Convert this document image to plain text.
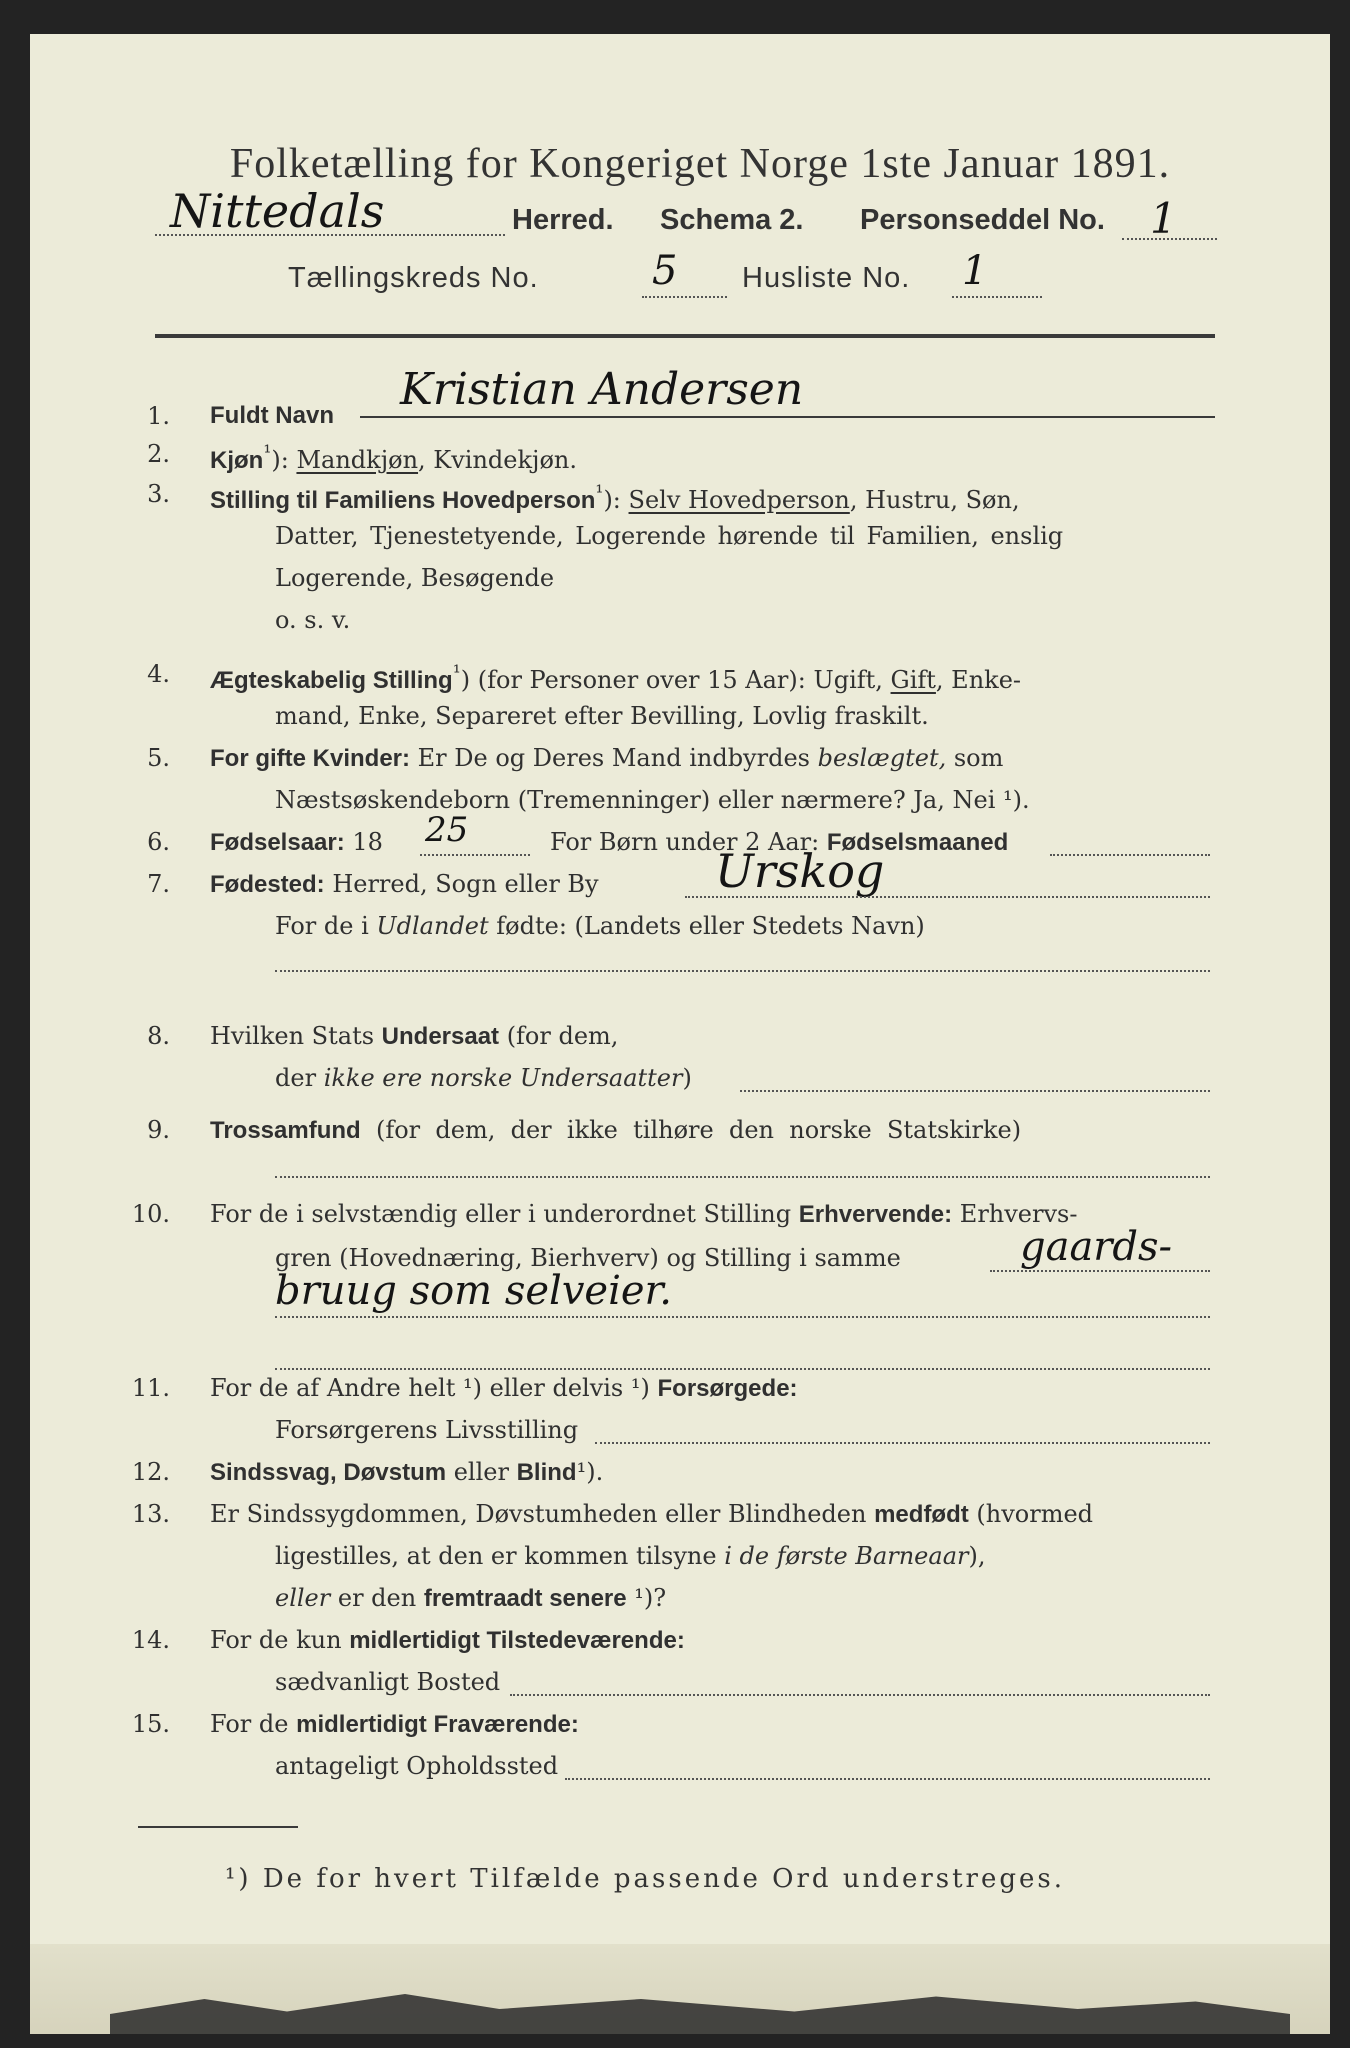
Folketælling for Kongeriget Norge 1ste Januar 1891.
Nittedals	Herred. Schema 2. Personseddel No. 1
Tællingskreds No.	5 Husliste No. 1
1. Fuldt Navn
Kristian Andersen
2. Kjøn$^{^1}$): Mandkjøn, Kvindekjøn.
3. Stilling til Familiens Hovedperson$^{^1}$): Selv Hovedperson, Hustru, Søn,
Datter, Tjenestetyende, Logerende hørende til Familien, enslig
Logerende, Besøgende
o. s. v.
4. Ægteskabelig Stilling$^{^1}$) (for Personer over 15 Aar): Ugift, Gift, Enke-
mand, Enke, Separeret efter Bevilling, Lovlig fraskilt.
5. For gifte Kvinder: Er De og Deres Mand indbyrdes beslægtet, som
Næstsøskendeborn (Tremenninger) eller nærmere? Ja, Nei ¹).
6. Fødselsaar: 18 25	For Børn under 2 Aar: Fødselsmaaned
7. Fødested: Herred, Sogn eller By	Urskog
For de i Udlandet fødte: (Landets eller Stedets Navn)
8. Hvilken Stats Undersaat (for dem,
der ikke ere norske Undersaatter)
9. Trossamfund (for  dem,  der  ikke  tilhøre  den  norske  Statskirke)
10. For de i selvstændig eller i underordnet Stilling Erhvervende: Erhvervs-
gren (Hovednæring, Bierhverv) og Stilling i samme	gaards-
bruug som selveier.
11. For de af Andre helt ¹) eller delvis ¹) Forsørgede:
Forsørgerens Livsstilling
12. Sindssvag, Døvstum eller Blind¹).
13. Er Sindssygdommen, Døvstumheden eller Blindheden medfødt (hvormed
ligestilles, at den er kommen tilsyne i de første Barneaar),
eller er den fremtraadt senere ¹)?
14. For de kun midlertidigt Tilstedeværende:
sædvanligt Bosted
15. For de midlertidigt Fraværende:
antageligt Opholdssted
¹) De for hvert Tilfælde passende Ord understreges.
